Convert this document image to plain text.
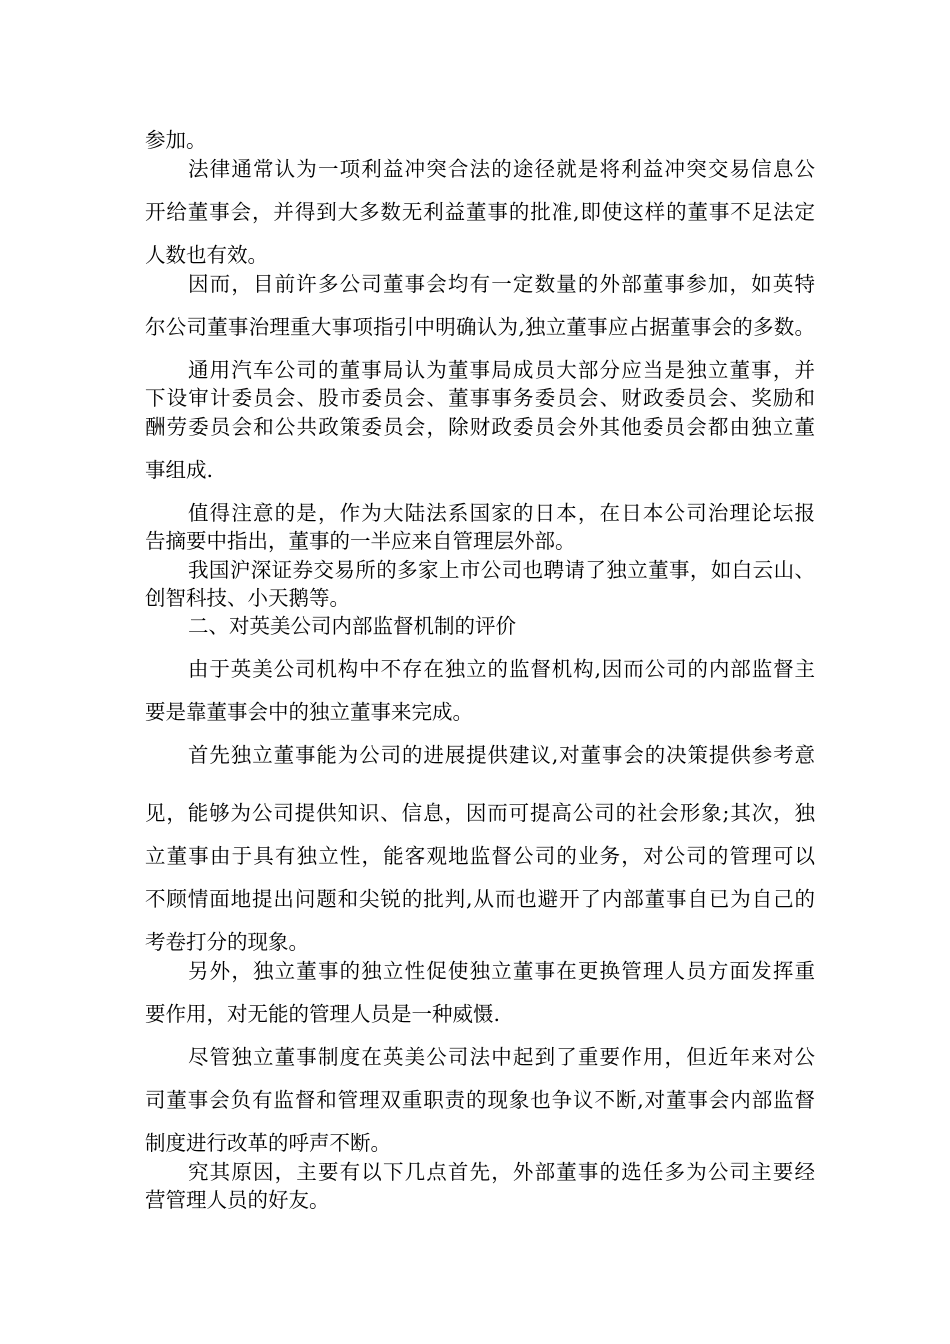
参加。
法律通常认为一项利益冲突合法的途径就是将利益冲突交易信息公
开给董事会，并得到大多数无利益董事的批准,即使这样的董事不足法定
人数也有效。
因而，目前许多公司董事会均有一定数量的外部董事参加，如英特
尔公司董事治理重大事项指引中明确认为,独立董事应占据董事会的多数。
通用汽车公司的董事局认为董事局成员大部分应当是独立董事，并
下设审计委员会、股市委员会、董事事务委员会、财政委员会、奖励和
酬劳委员会和公共政策委员会，除财政委员会外其他委员会都由独立董
事组成.
值得注意的是，作为大陆法系国家的日本，在日本公司治理论坛报
告摘要中指出，董事的一半应来自管理层外部。
我国沪深证券交易所的多家上市公司也聘请了独立董事，如白云山、
创智科技、小天鹅等。
二、对英美公司内部监督机制的评价
由于英美公司机构中不存在独立的监督机构,因而公司的内部监督主
要是靠董事会中的独立董事来完成。
首先独立董事能为公司的进展提供建议,对董事会的决策提供参考意
见，能够为公司提供知识、信息，因而可提高公司的社会形象;其次，独
立董事由于具有独立性，能客观地监督公司的业务，对公司的管理可以
不顾情面地提出问题和尖锐的批判,从而也避开了内部董事自已为自己的
考卷打分的现象。
另外，独立董事的独立性促使独立董事在更换管理人员方面发挥重
要作用，对无能的管理人员是一种威慑.
尽管独立董事制度在英美公司法中起到了重要作用，但近年来对公
司董事会负有监督和管理双重职责的现象也争议不断,对董事会内部监督
制度进行改革的呼声不断。
究其原因，主要有以下几点首先，外部董事的选任多为公司主要经
营管理人员的好友。
